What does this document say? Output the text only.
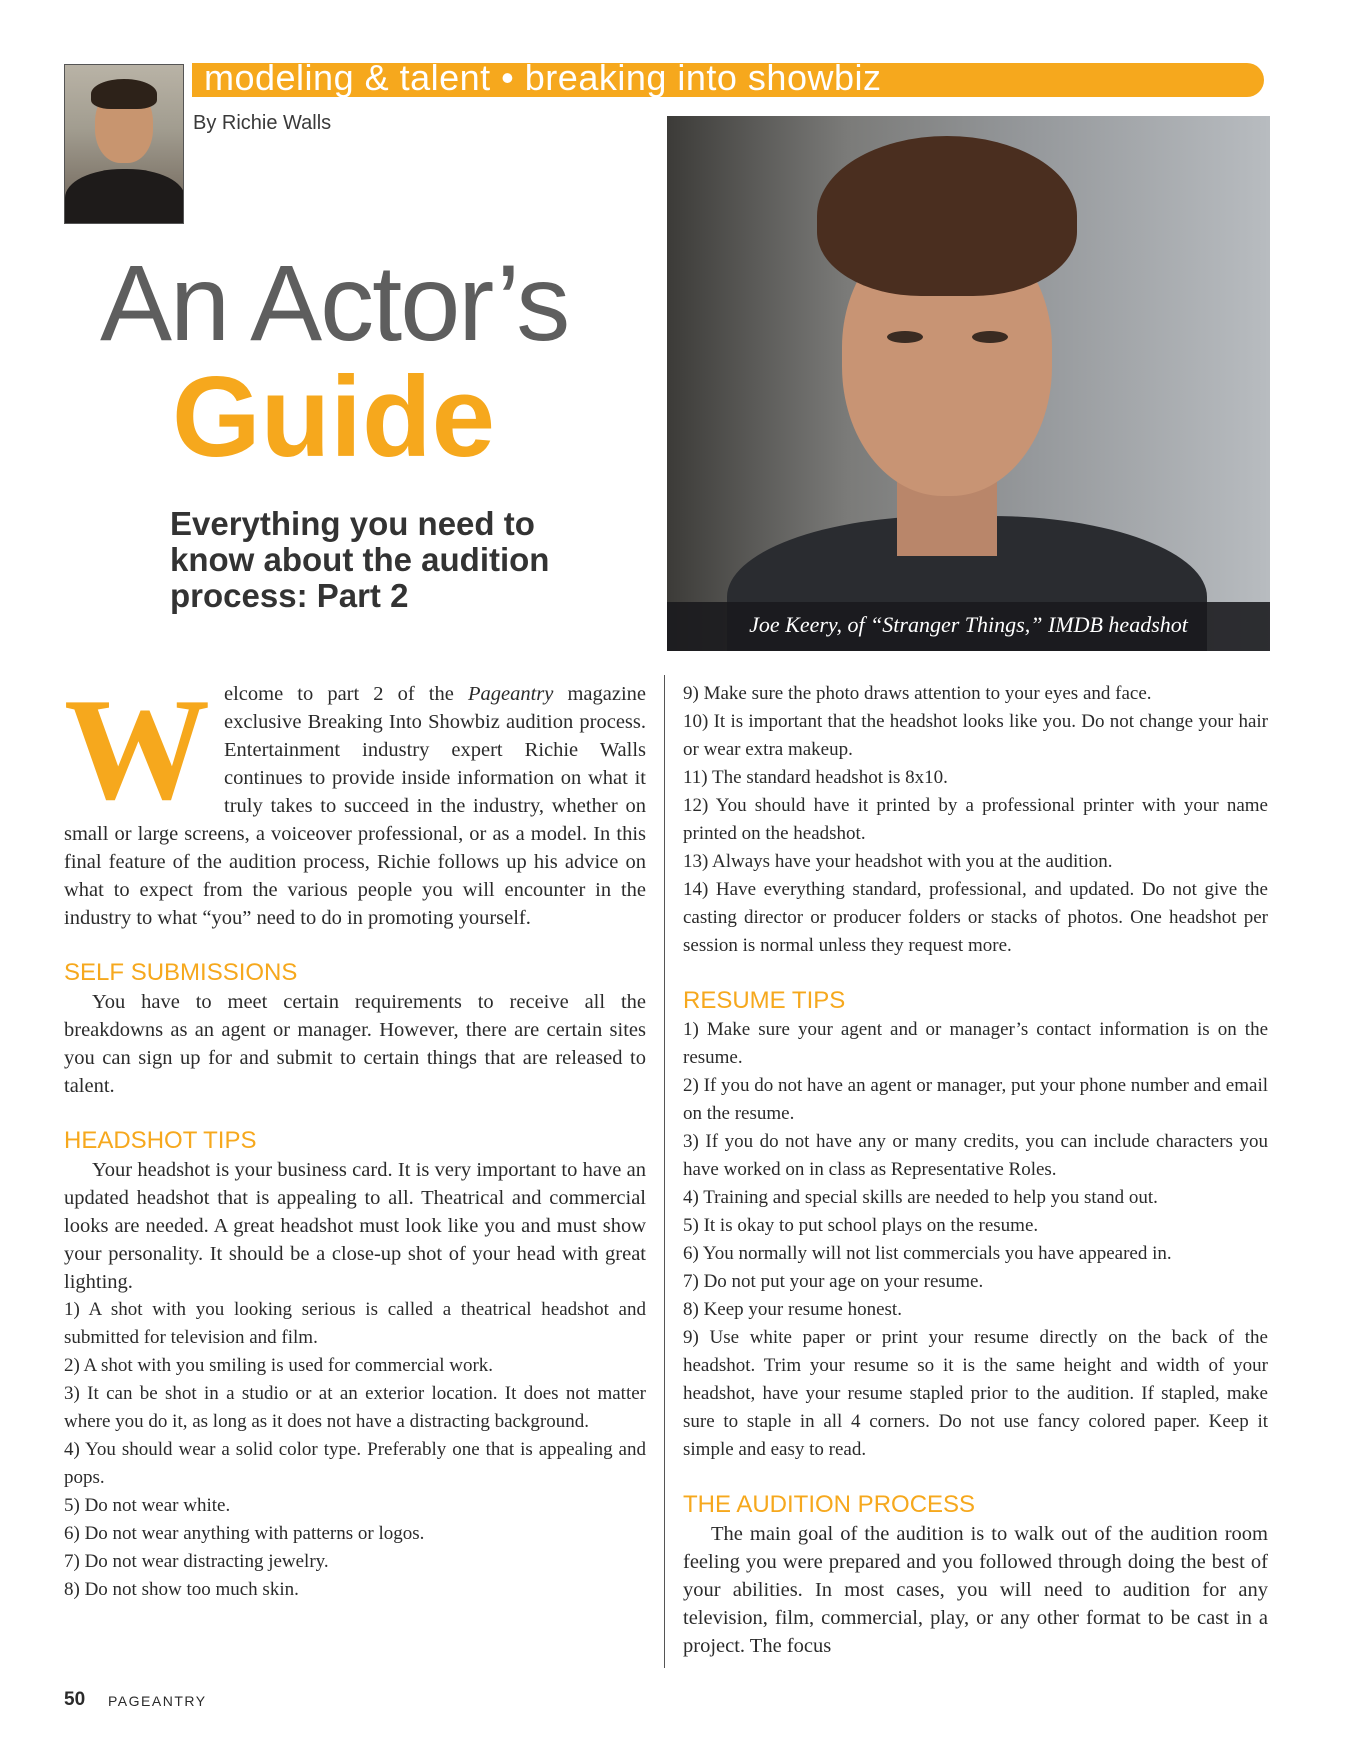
modeling & talent • breaking into showbiz
By Richie Walls
An Actor’s
Guide
Everything you need to know about the audition process: Part 2
Joe Keery, of “Stranger Things,” IMDB headshot
W elcome to part 2 of the Pageantry magazine exclusive Breaking Into Showbiz audition process. Entertainment industry expert Richie Walls continues to provide inside information on what it truly takes to succeed in the industry, whether on small or large screens, a voiceover professional, or as a model. In this final feature of the audition process, Richie follows up his advice on what to expect from the various people you will encounter in the industry to what “you” need to do in promoting yourself.

SELF SUBMISSIONS

You have to meet certain requirements to receive all the breakdowns as an agent or manager. However, there are certain sites you can sign up for and submit to certain things that are released to talent.

HEADSHOT TIPS

Your headshot is your business card. It is very important to have an updated headshot that is appealing to all. Theatrical and commercial looks are needed. A great headshot must look like you and must show your personality. It should be a close-up shot of your head with great lighting.

1) A shot with you looking serious is called a theatrical headshot and submitted for television and film.
2) A shot with you smiling is used for commercial work.
3) It can be shot in a studio or at an exterior location. It does not matter where you do it, as long as it does not have a distracting background.
4) You should wear a solid color type. Preferably one that is appealing and pops.
5) Do not wear white.
6) Do not wear anything with patterns or logos.
7) Do not wear distracting jewelry.
8) Do not show too much skin.
9) Make sure the photo draws attention to your eyes and face.
10) It is important that the headshot looks like you. Do not change your hair or wear extra makeup.
11) The standard headshot is 8x10.
12) You should have it printed by a professional printer with your name printed on the headshot.
13) Always have your headshot with you at the audition.
14) Have everything standard, professional, and updated. Do not give the casting director or producer folders or stacks of photos. One headshot per session is normal unless they request more.
RESUME TIPS
1) Make sure your agent and or manager’s contact information is on the resume.
2) If you do not have an agent or manager, put your phone number and email on the resume.
3) If you do not have any or many credits, you can include characters you have worked on in class as Representative Roles.
4) Training and special skills are needed to help you stand out.
5) It is okay to put school plays on the resume.
6) You normally will not list commercials you have appeared in.
7) Do not put your age on your resume.
8) Keep your resume honest.
9) Use white paper or print your resume directly on the back of the headshot. Trim your resume so it is the same height and width of your headshot, have your resume stapled prior to the audition. If stapled, make sure to staple in all 4 corners. Do not use fancy colored paper. Keep it simple and easy to read.
THE AUDITION PROCESS

The main goal of the audition is to walk out of the audition room feeling you were prepared and you followed through doing the best of your abilities. In most cases, you will need to audition for any television, film, commercial, play, or any other format to be cast in a project. The focus

50 PAGEANTRY
